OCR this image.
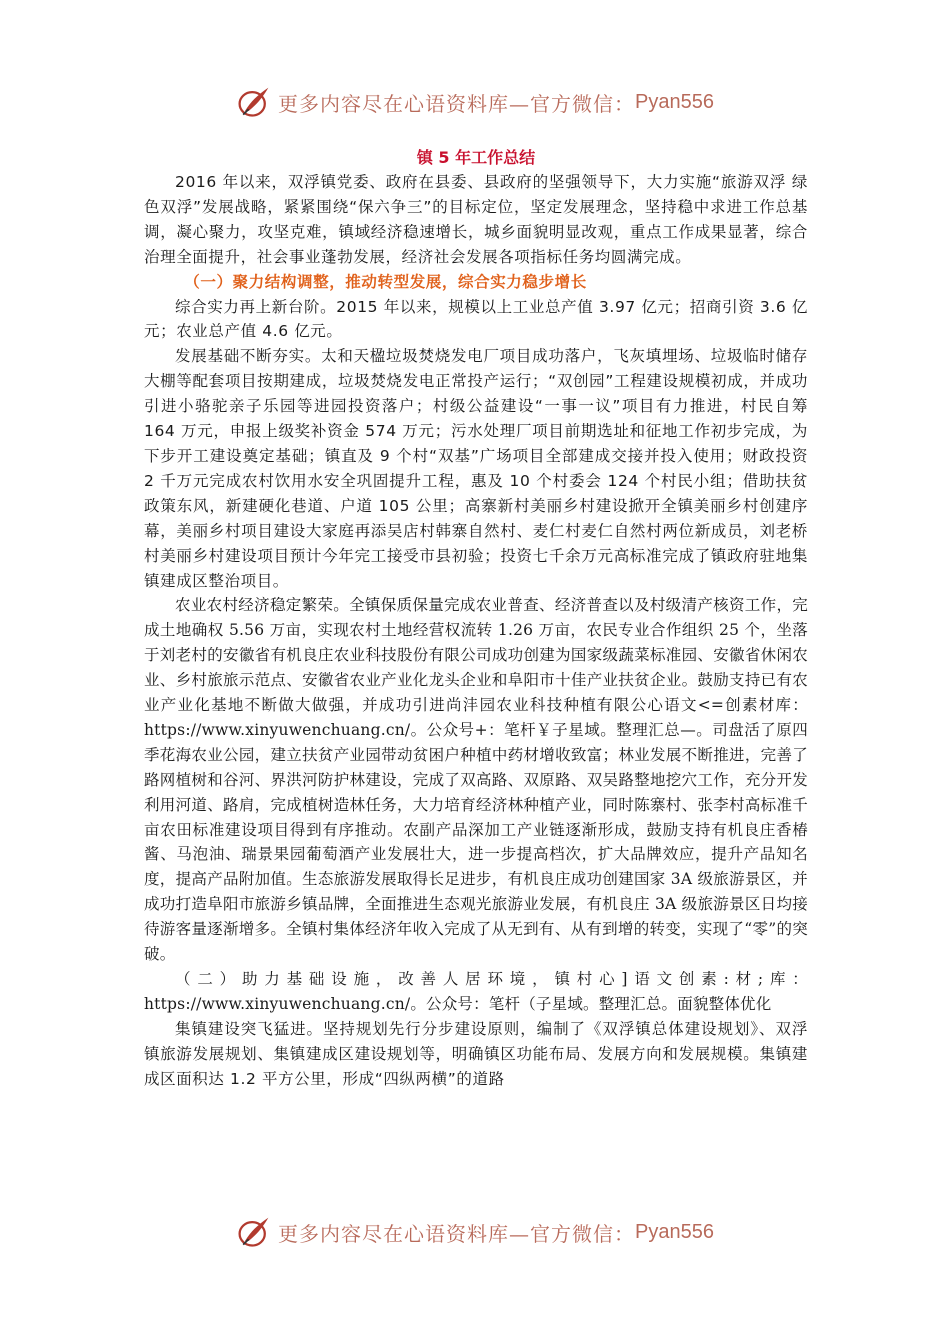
更多内容尽在心语资料库—官方微信： Pyan556
镇 5 年工作总结

2016 年以来，双浮镇党委、政府在县委、县政府的坚强领导下，大力实施“旅游双浮 绿色双浮”发展战略，紧紧围绕“保六争三”的目标定位，坚定发展理念，坚持稳中求进工作总基调，凝心聚力，攻坚克难，镇域经济稳速增长，城乡面貌明显改观，重点工作成果显著，综合治理全面提升，社会事业蓬勃发展，经济社会发展各项指标任务均圆满完成。

（一）聚力结构调整，推动转型发展，综合实力稳步增长

综合实力再上新台阶。2015 年以来，规模以上工业总产值 3.97 亿元；招商引资 3.6 亿元；农业总产值 4.6 亿元。

发展基础不断夯实。太和天楹垃圾焚烧发电厂项目成功落户，飞灰填埋场、垃圾临时储存大棚等配套项目按期建成，垃圾焚烧发电正常投产运行；“双创园”工程建设规模初成，并成功引进小骆驼亲子乐园等进园投资落户；村级公益建设“一事一议”项目有力推进，村民自筹 164 万元，申报上级奖补资金 574 万元；污水处理厂项目前期选址和征地工作初步完成，为下步开工建设奠定基础；镇直及 9 个村“双基”广场项目全部建成交接并投入使用；财政投资 2 千万元完成农村饮用水安全巩固提升工程，惠及 10 个村委会 124 个村民小组；借助扶贫政策东风，新建硬化巷道、户道 105 公里；高寨新村美丽乡村建设掀开全镇美丽乡村创建序幕，美丽乡村项目建设大家庭再添吴店村韩寨自然村、麦仁村麦仁自然村两位新成员，刘老桥村美丽乡村建设项目预计今年完工接受市县初验；投资七千余万元高标准完成了镇政府驻地集镇建成区整治项目。

农业农村经济稳定繁荣。全镇保质保量完成农业普查、经济普查以及村级清产核资工作，完成土地确权 5.56 万亩，实现农村土地经营权流转 1.26 万亩，农民专业合作组织 25 个，坐落于刘老村的安徽省有机良庄农业科技股份有限公司成功创建为国家级蔬菜标准园、安徽省休闲农业、乡村旅旅示范点、安徽省农业产业化龙头企业和阜阳市十佳产业扶贫企业。鼓励支持已有农业产业化基地不断做大做强，并成功引进尚沣园农业科技种植有限公心语文<=创素材库：https://www.xinyuwenchuang.cn/。公众号+：笔杆￥子星域。整理汇总—。司盘活了原四季花海农业公园，建立扶贫产业园带动贫困户种植中药材增收致富；林业发展不断推进，完善了路网植树和谷河、界洪河防护林建设，完成了双高路、双原路、双吴路整地挖穴工作，充分开发利用河道、路肩，完成植树造林任务，大力培育经济林种植产业，同时陈寨村、张李村高标准千亩农田标准建设项目得到有序推动。农副产品深加工产业链逐渐形成，鼓励支持有机良庄香椿酱、马泡油、瑞景果园葡萄酒产业发展壮大，进一步提高档次，扩大品牌效应，提升产品知名度，提高产品附加值。生态旅游发展取得长足进步，有机良庄成功创建国家 3A 级旅游景区，并成功打造阜阳市旅游乡镇品牌，全面推进生态观光旅游业发展，有机良庄 3A 级旅游景区日均接待游客量逐渐增多。全镇村集体经济年收入完成了从无到有、从有到增的转变，实现了“零”的突破。

（二）助力基础设施，改善人居环境，镇村心]语文创素:材;库：https://www.xinyuwenchuang.cn/。公众号：笔杆（子星域。整理汇总。面貌整体优化

集镇建设突飞猛进。坚持规划先行分步建设原则，编制了《双浮镇总体建设规划》、双浮镇旅游发展规划、集镇建成区建设规划等，明确镇区功能布局、发展方向和发展规模。集镇建成区面积达 1.2 平方公里，形成“四纵两横”的道路

更多内容尽在心语资料库—官方微信： Pyan556
